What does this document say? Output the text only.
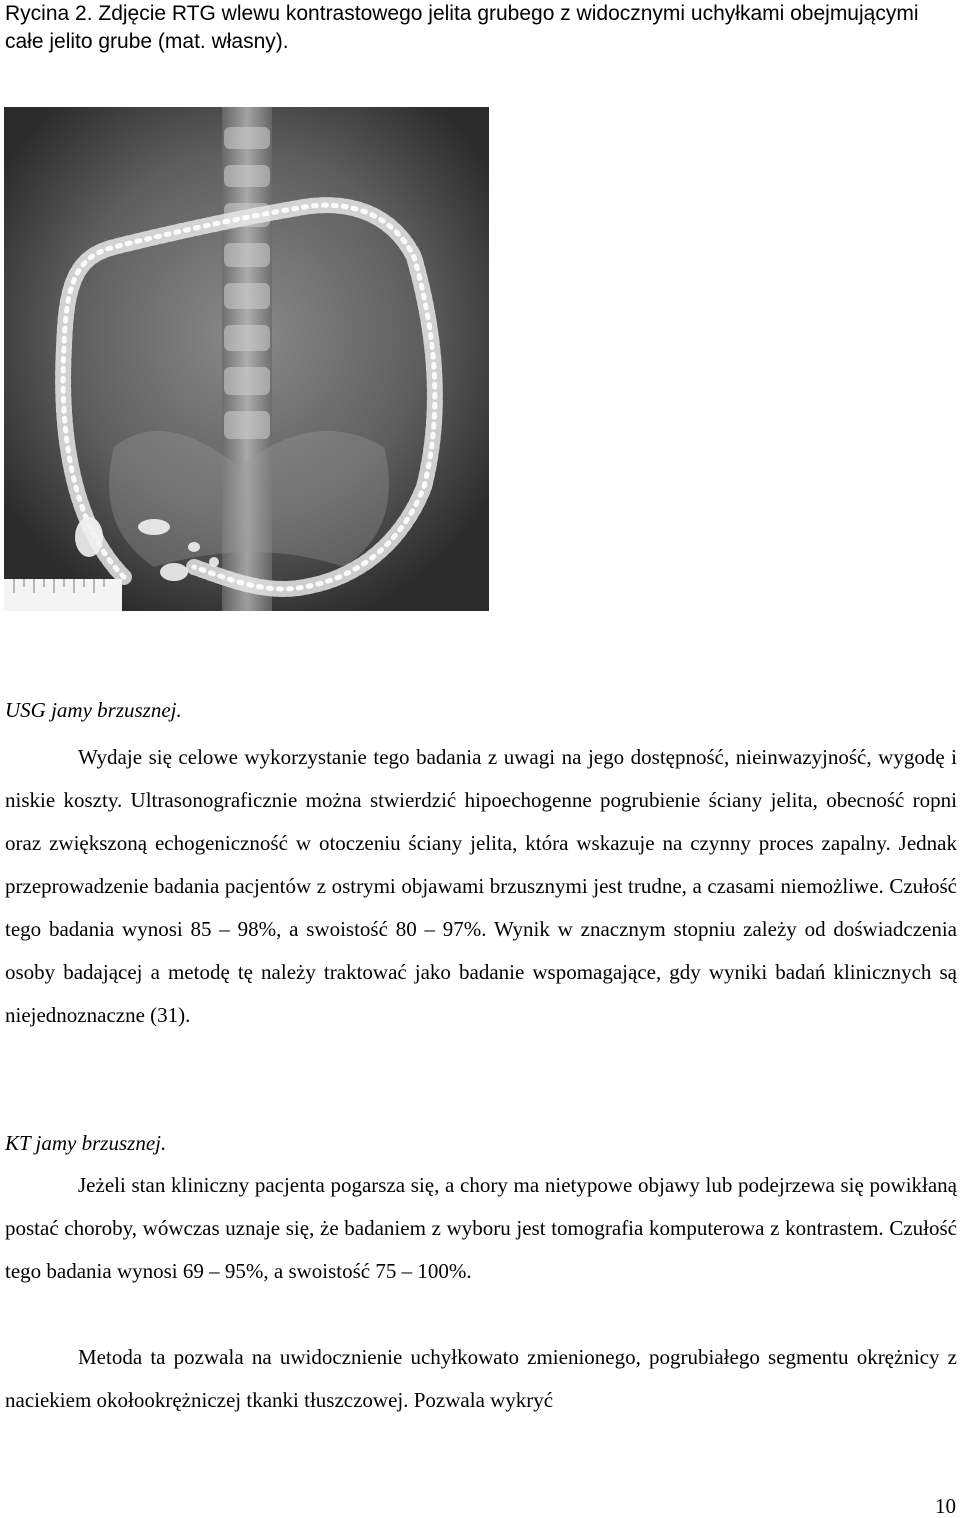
Rycina 2. Zdjęcie RTG wlewu kontrastowego jelita grubego z widocznymi uchyłkami obejmującymi całe jelito grube (mat. własny).
USG jamy brzusznej.

Wydaje się celowe wykorzystanie tego badania z uwagi na jego dostępność, nieinwazyjność, wygodę i niskie koszty. Ultrasonograficznie można stwierdzić hipoechogenne pogrubienie ściany jelita, obecność ropni oraz zwiększoną echogeniczność w otoczeniu ściany jelita, która wskazuje na czynny proces zapalny. Jednak przeprowadzenie badania pacjentów z ostrymi objawami brzusznymi jest trudne, a czasami niemożliwe. Czułość tego badania wynosi 85 – 98%, a swoistość 80 – 97%. Wynik w znacznym stopniu zależy od doświadczenia osoby badającej a metodę tę należy traktować jako badanie wspomagające, gdy wyniki badań klinicznych są niejednoznaczne (31).

KT jamy brzusznej.

Jeżeli stan kliniczny pacjenta pogarsza się, a chory ma nietypowe objawy lub podejrzewa się powikłaną postać choroby, wówczas uznaje się, że badaniem z wyboru jest tomografia komputerowa z kontrastem. Czułość tego badania wynosi 69 – 95%, a swoistość 75 – 100%.

Metoda ta pozwala na uwidocznienie uchyłkowato zmienionego, pogrubiałego segmentu okrężnicy z naciekiem okołookrężniczej tkanki tłuszczowej. Pozwala wykryć

10
